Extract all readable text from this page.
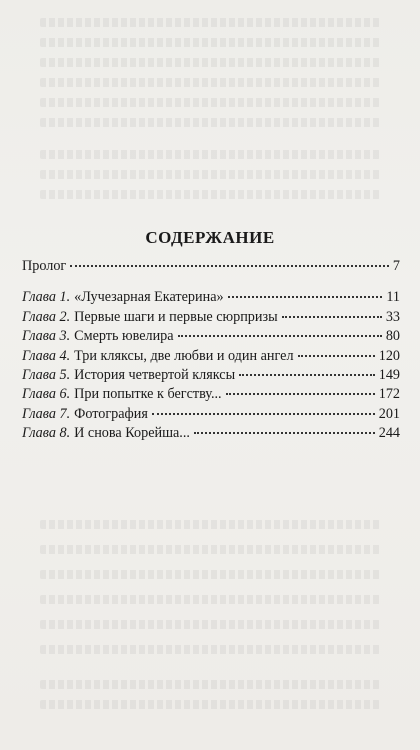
СОДЕРЖАНИЕ
Пролог	7
Глава 1. «Лучезарная Екатерина»	11
Глава 2. Первые шаги и первые сюрпризы	33
Глава 3. Смерть ювелира	80
Глава 4. Три кляксы, две любви и один ангел	120
Глава 5. История четвертой кляксы	149
Глава 6. При попытке к бегству...	172
Глава 7. Фотография	201
Глава 8. И снова Корейша...	244
